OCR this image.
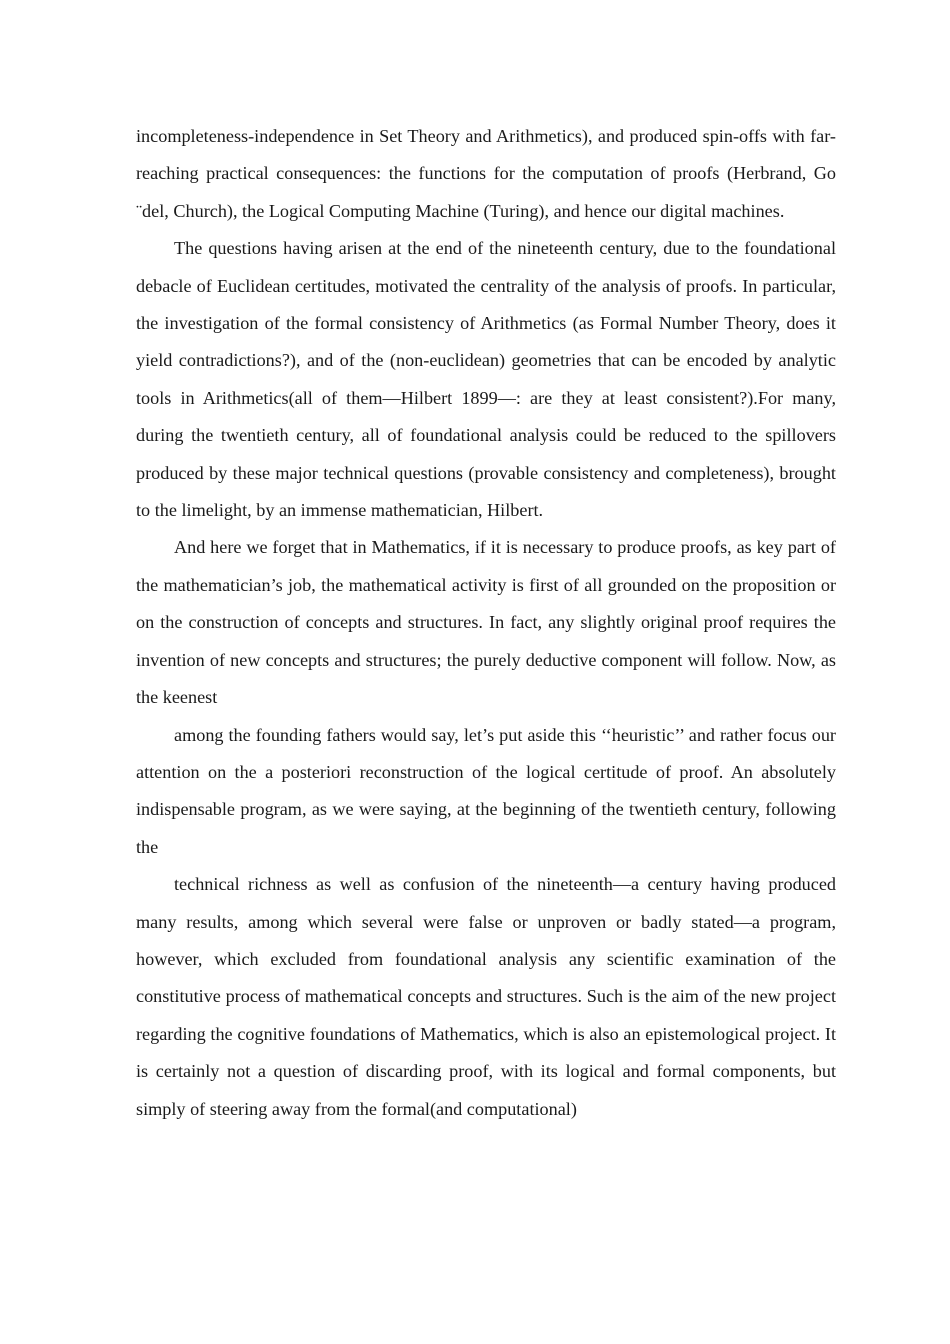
incompleteness-independence in Set Theory and Arithmetics), and produced spin-offs with far-reaching practical consequences: the functions for the computation of proofs (Herbrand, Go ¨del, Church), the Logical Computing Machine (Turing), and hence our digital machines.

The questions having arisen at the end of the nineteenth century, due to the foundational debacle of Euclidean certitudes, motivated the centrality of the analysis of proofs. In particular, the investigation of the formal consistency of Arithmetics (as Formal Number Theory, does it yield contradictions?), and of the (non-euclidean) geometries that can be encoded by analytic tools in Arithmetics(all of them—Hilbert 1899—: are they at least consistent?).For many, during the twentieth century, all of foundational analysis could be reduced to the spillovers produced by these major technical questions (provable consistency and completeness), brought to the limelight, by an immense mathematician, Hilbert.

And here we forget that in Mathematics, if it is necessary to produce proofs, as key part of the mathematician’s job, the mathematical activity is first of all grounded on the proposition or on the construction of concepts and structures. In fact, any slightly original proof requires the invention of new concepts and structures; the purely deductive component will follow. Now, as the keenest

among the founding fathers would say, let’s put aside this ‘‘heuristic’’ and rather focus our attention on the a posteriori reconstruction of the logical certitude of proof. An absolutely indispensable program, as we were saying, at the beginning of the twentieth century, following the

technical richness as well as confusion of the nineteenth—a century having produced many results, among which several were false or unproven or badly stated—a program, however, which excluded from foundational analysis any scientific examination of the constitutive process of mathematical concepts and structures. Such is the aim of the new project regarding the cognitive foundations of Mathematics, which is also an epistemological project. It is certainly not a question of discarding proof, with its logical and formal components, but simply of steering away from the formal(and computational)
